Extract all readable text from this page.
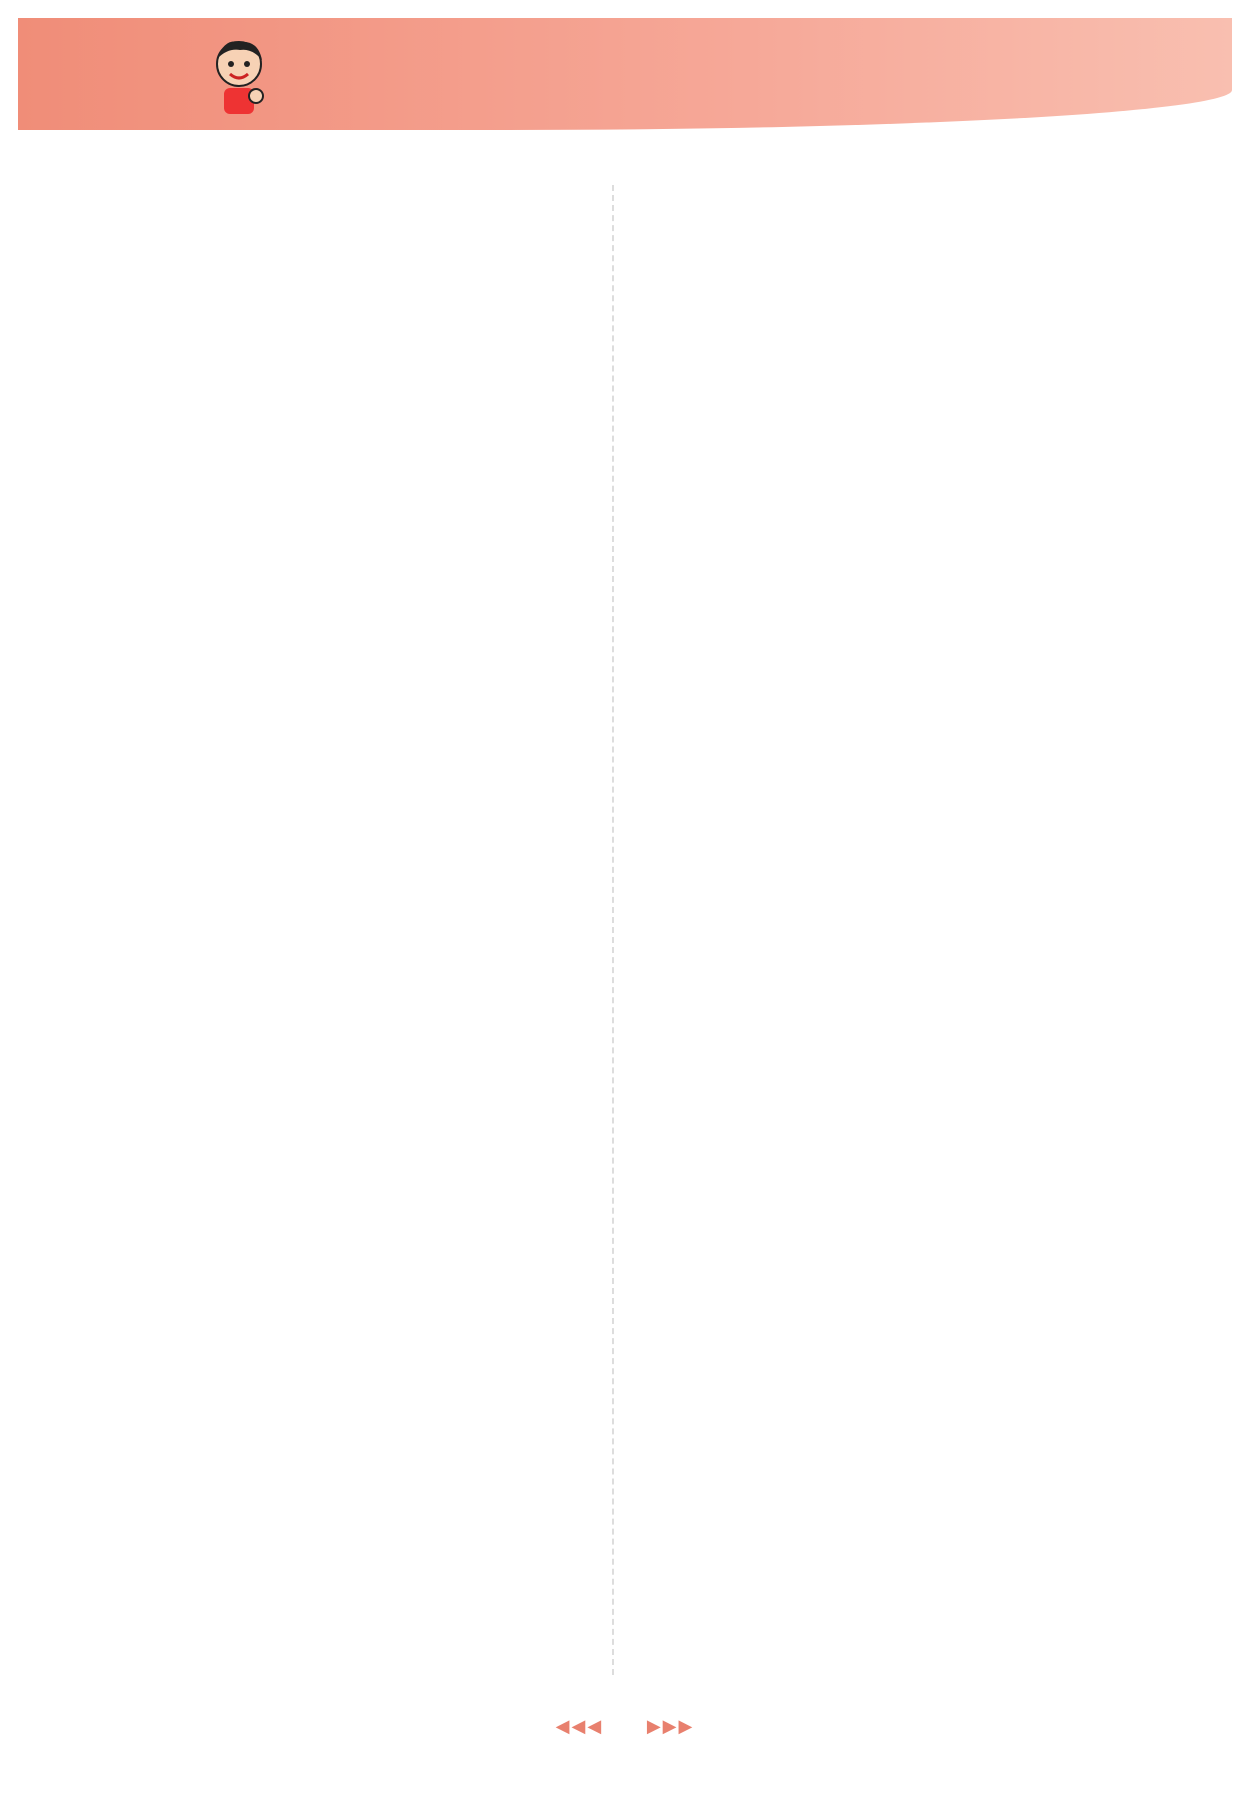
◀◀◀ ▶▶▶
